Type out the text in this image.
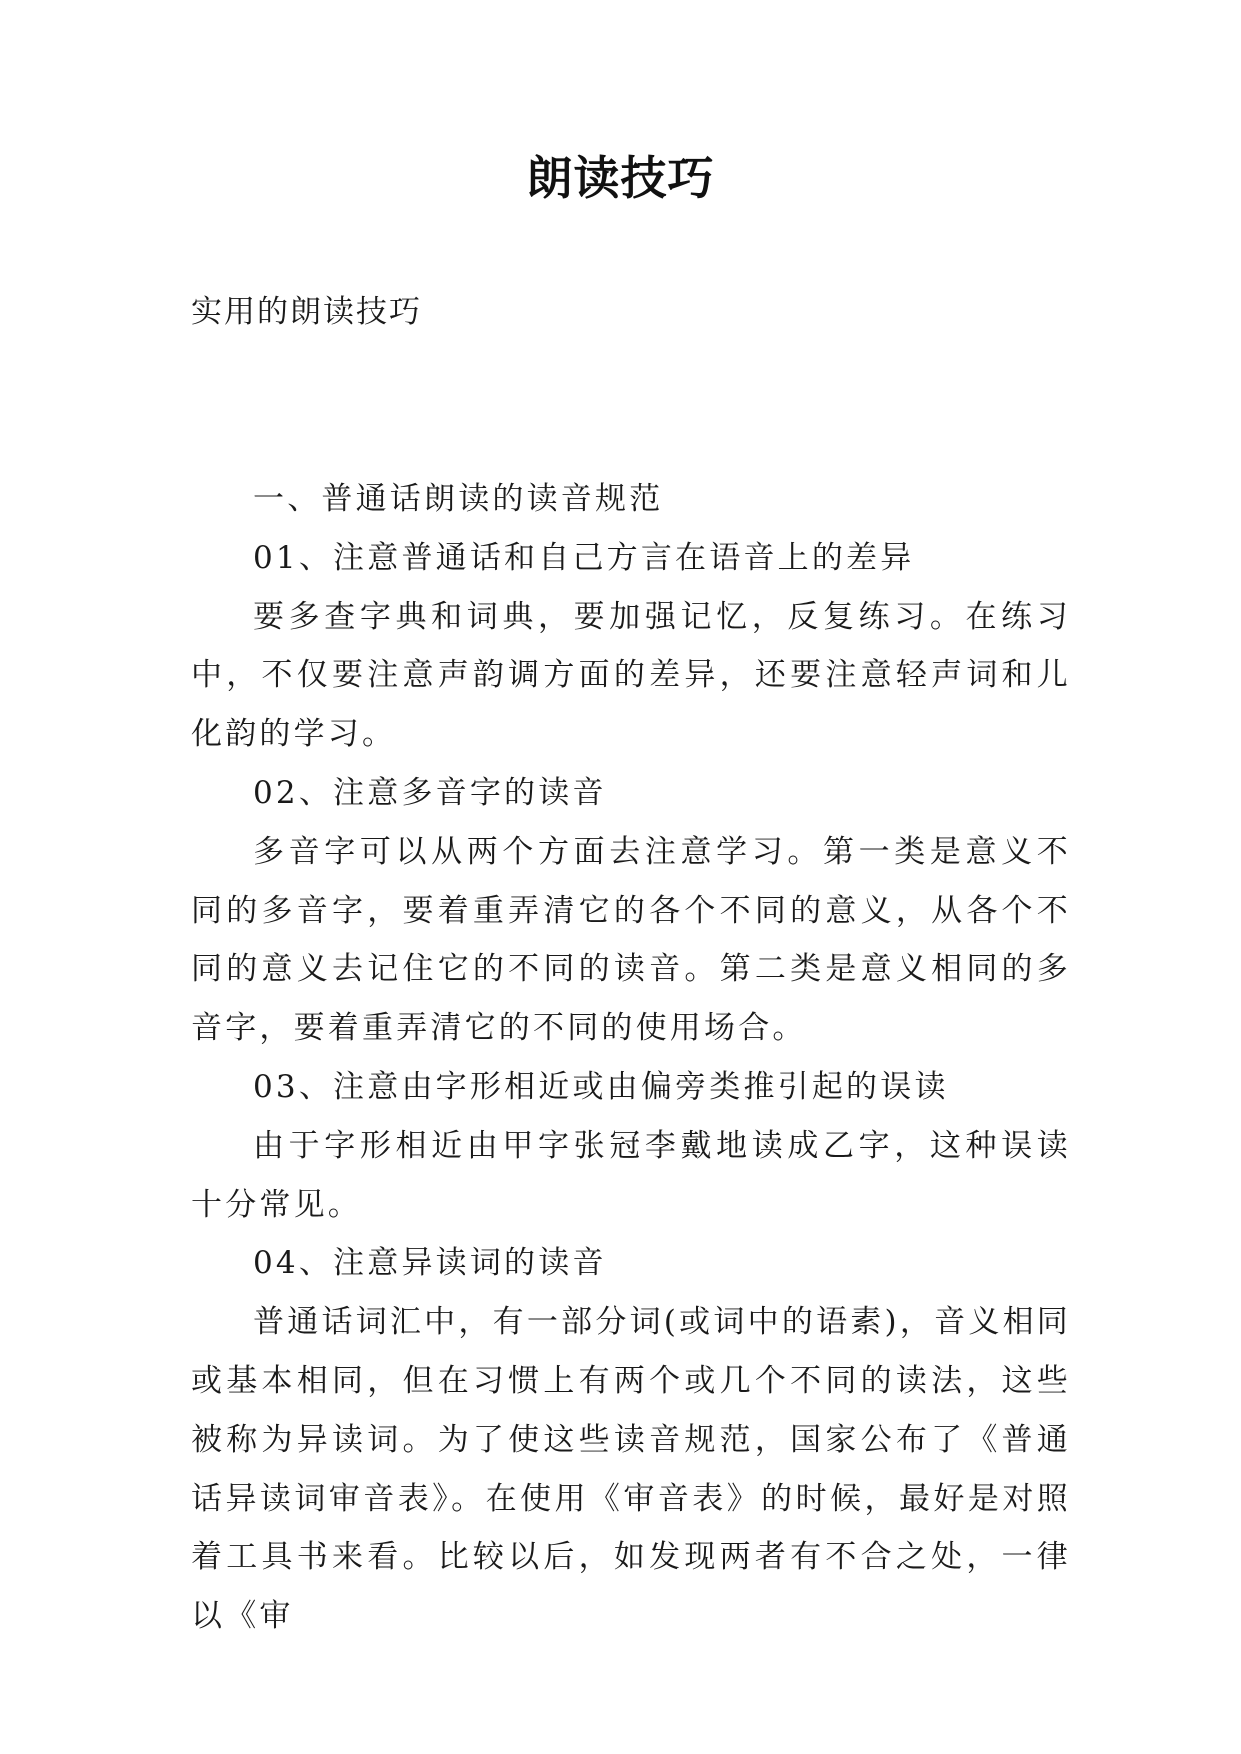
朗读技巧
实用的朗读技巧

一、普通话朗读的读音规范

01、注意普通话和自己方言在语音上的差异

要多查字典和词典，要加强记忆，反复练习。在练习中，不仅要注意声韵调方面的差异，还要注意轻声词和儿化韵的学习。

02、注意多音字的读音

多音字可以从两个方面去注意学习。第一类是意义不同的多音字，要着重弄清它的各个不同的意义，从各个不同的意义去记住它的不同的读音。第二类是意义相同的多音字，要着重弄清它的不同的使用场合。

03、注意由字形相近或由偏旁类推引起的误读

由于字形相近由甲字张冠李戴地读成乙字，这种误读十分常见。

04、注意异读词的读音

普通话词汇中，有一部分词(或词中的语素)，音义相同或基本相同，但在习惯上有两个或几个不同的读法，这些被称为异读词。为了使这些读音规范，国家公布了《普通话异读词审音表》。在使用《审音表》的时候，最好是对照着工具书来看。比较以后，如发现两者有不合之处，一律以《审
